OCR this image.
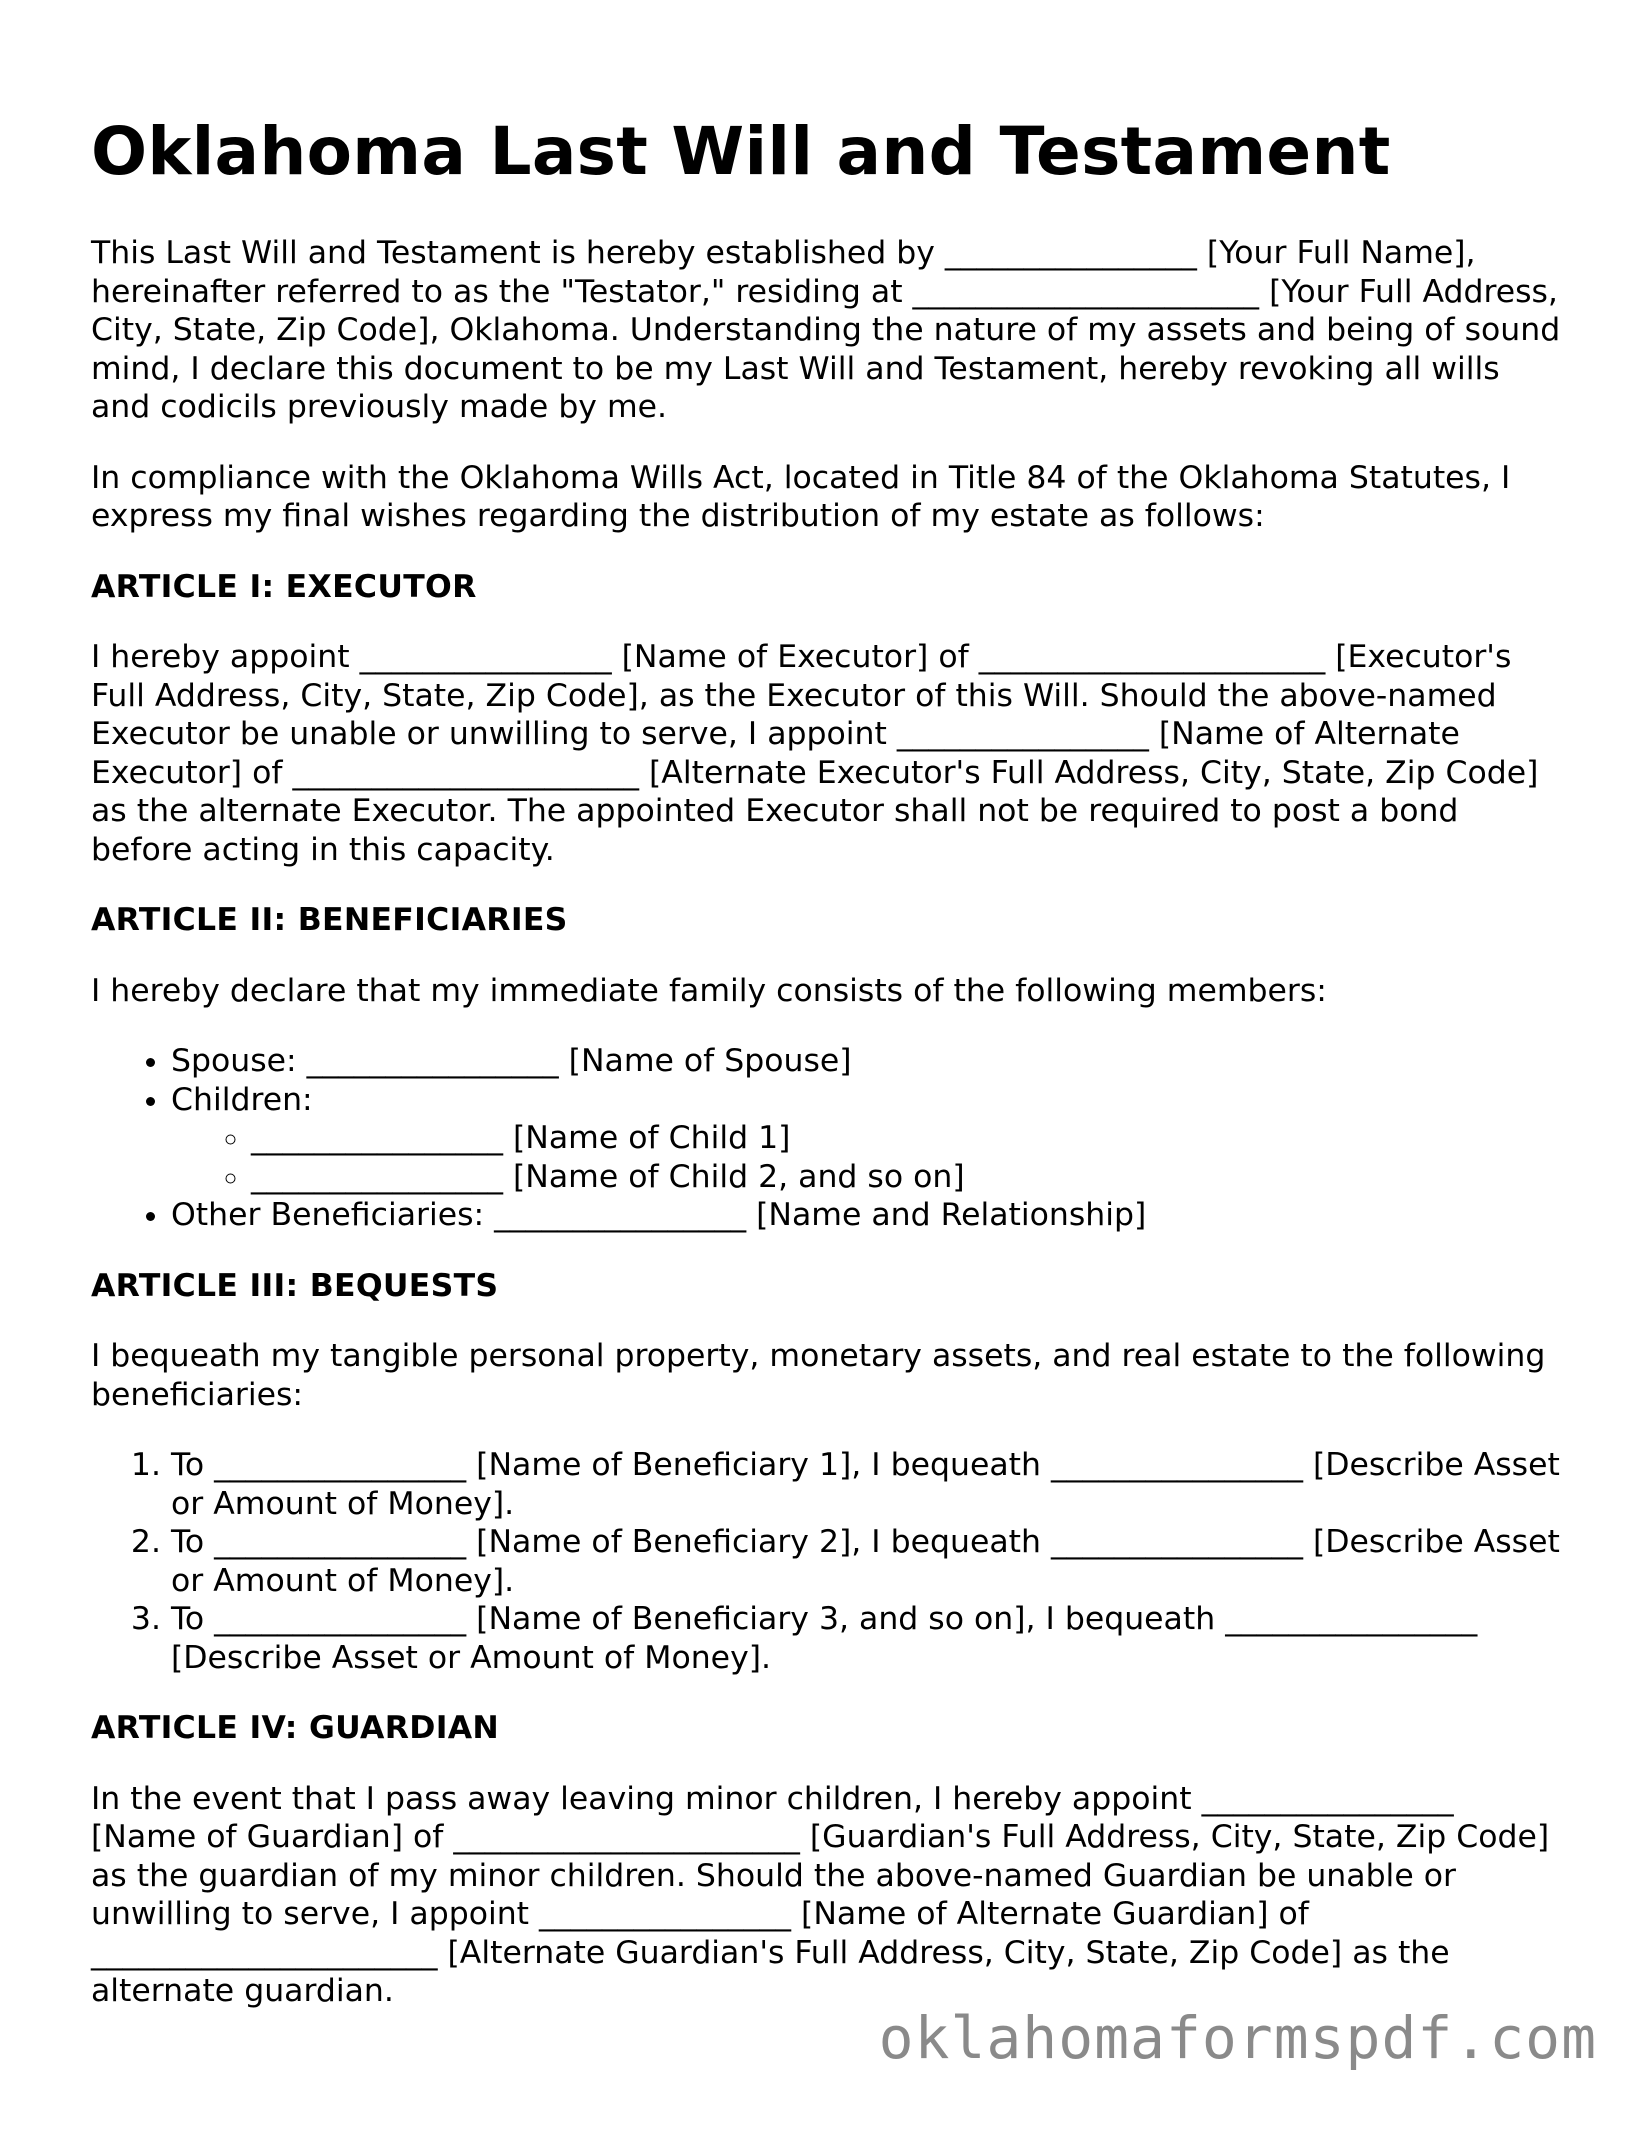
Oklahoma Last Will and Testament

This Last Will and Testament is hereby established by ________________ [Your Full Name], hereinafter referred to as the "Testator," residing at ______________________ [Your Full Address, City, State, Zip Code], Oklahoma. Understanding the nature of my assets and being of sound mind, I declare this document to be my Last Will and Testament, hereby revoking all wills and codicils previously made by me.

In compliance with the Oklahoma Wills Act, located in Title 84 of the Oklahoma Statutes, I express my final wishes regarding the distribution of my estate as follows:

ARTICLE I: EXECUTOR

I hereby appoint ________________ [Name of Executor] of ______________________ [Executor's Full Address, City, State, Zip Code], as the Executor of this Will. Should the above-named Executor be unable or unwilling to serve, I appoint ________________ [Name of Alternate Executor] of ______________________ [Alternate Executor's Full Address, City, State, Zip Code] as the alternate Executor. The appointed Executor shall not be required to post a bond before acting in this capacity.

ARTICLE II: BENEFICIARIES

I hereby declare that my immediate family consists of the following members:

• Spouse: ________________ [Name of Spouse]
• Children:
◦ ________________ [Name of Child 1]
◦ ________________ [Name of Child 2, and so on]
• Other Beneficiaries: ________________ [Name and Relationship]
ARTICLE III: BEQUESTS

I bequeath my tangible personal property, monetary assets, and real estate to the following beneficiaries:

1. To ________________ [Name of Beneficiary 1], I bequeath ________________ [Describe Asset or Amount of Money].
2. To ________________ [Name of Beneficiary 2], I bequeath ________________ [Describe Asset or Amount of Money].
3. To ________________ [Name of Beneficiary 3, and so on], I bequeath ________________ [Describe Asset or Amount of Money].
ARTICLE IV: GUARDIAN

In the event that I pass away leaving minor children, I hereby appoint ________________ [Name of Guardian] of ______________________ [Guardian's Full Address, City, State, Zip Code] as the guardian of my minor children. Should the above-named Guardian be unable or unwilling to serve, I appoint ________________ [Name of Alternate Guardian] of ______________________ [Alternate Guardian's Full Address, City, State, Zip Code] as the alternate guardian.

oklahomaformspdf.com
